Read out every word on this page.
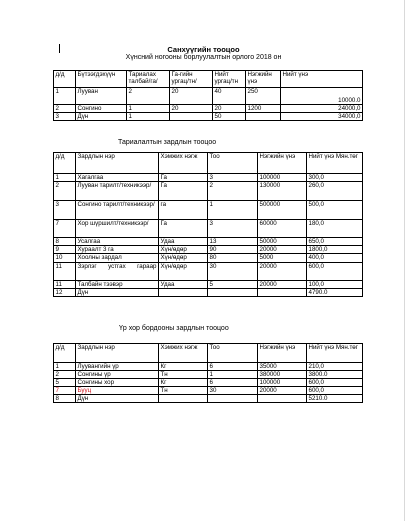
Санхүүгийн тооцоо
Хүнсний ногооны борлуулалтын орлого 2018 он
д/д	Бүтээгдэхүүн	Тариалах талбай/га/	Га-гийн ургац/тн/	Нийт ургац/тн	Нэгжийн үнэ	Нийт үнэ
1	Лууван	2	20	40	250	10000.0
2	Сонгино	1	20	20	1200	24000,0
3	Дүн	1		50		34000,0
Тариалалтын зардлын тооцоо
д/д	Зардлын нэр	Хэмжих нэгж	Тоо	Нэгжийн үнэ	Нийт үнэ Мян.төг
1	Хагалгаа	Га	3	100000	300,0
2	Лууван тарилт/техникээр/	Га	2	130000	260,0
3	Сонгино тарилт/техникээр/	га	1	500000	500,0
7	Хор шүршилт/техникээр/	Га	3	60000	180,0
8	Усалгаа	Удаа	13	50000	650,0
9	Хураалт 3 га	Хүн/өдөр	90	20000	1800,0
10	Хоолны зардал	Хүн/өдөр	80	5000	400,0
11	Зэрлэг устгах гараар	Хүн/өдөр	30	20000	600,0
11	Талбайн тээвэр	Удаа	5	20000	100,0
12	Дүн				4790.0
Үр хор бордооны зардлын тооцоо
д/д	Зардлын нэр	Хэмжих нэгж	Тоо	Нэгжийн үнэ	Нийт үнэ Мян.төг
1	Луувангийн үр	Кг	6	35000	210,0
2	Сонгины үр	Тн	1	380000	3800.0
5	Сонгины хор	Кг	6	100000	600,0
7	Бууц	Тн	30	20000	600,0
8	Дүн				5210.0
